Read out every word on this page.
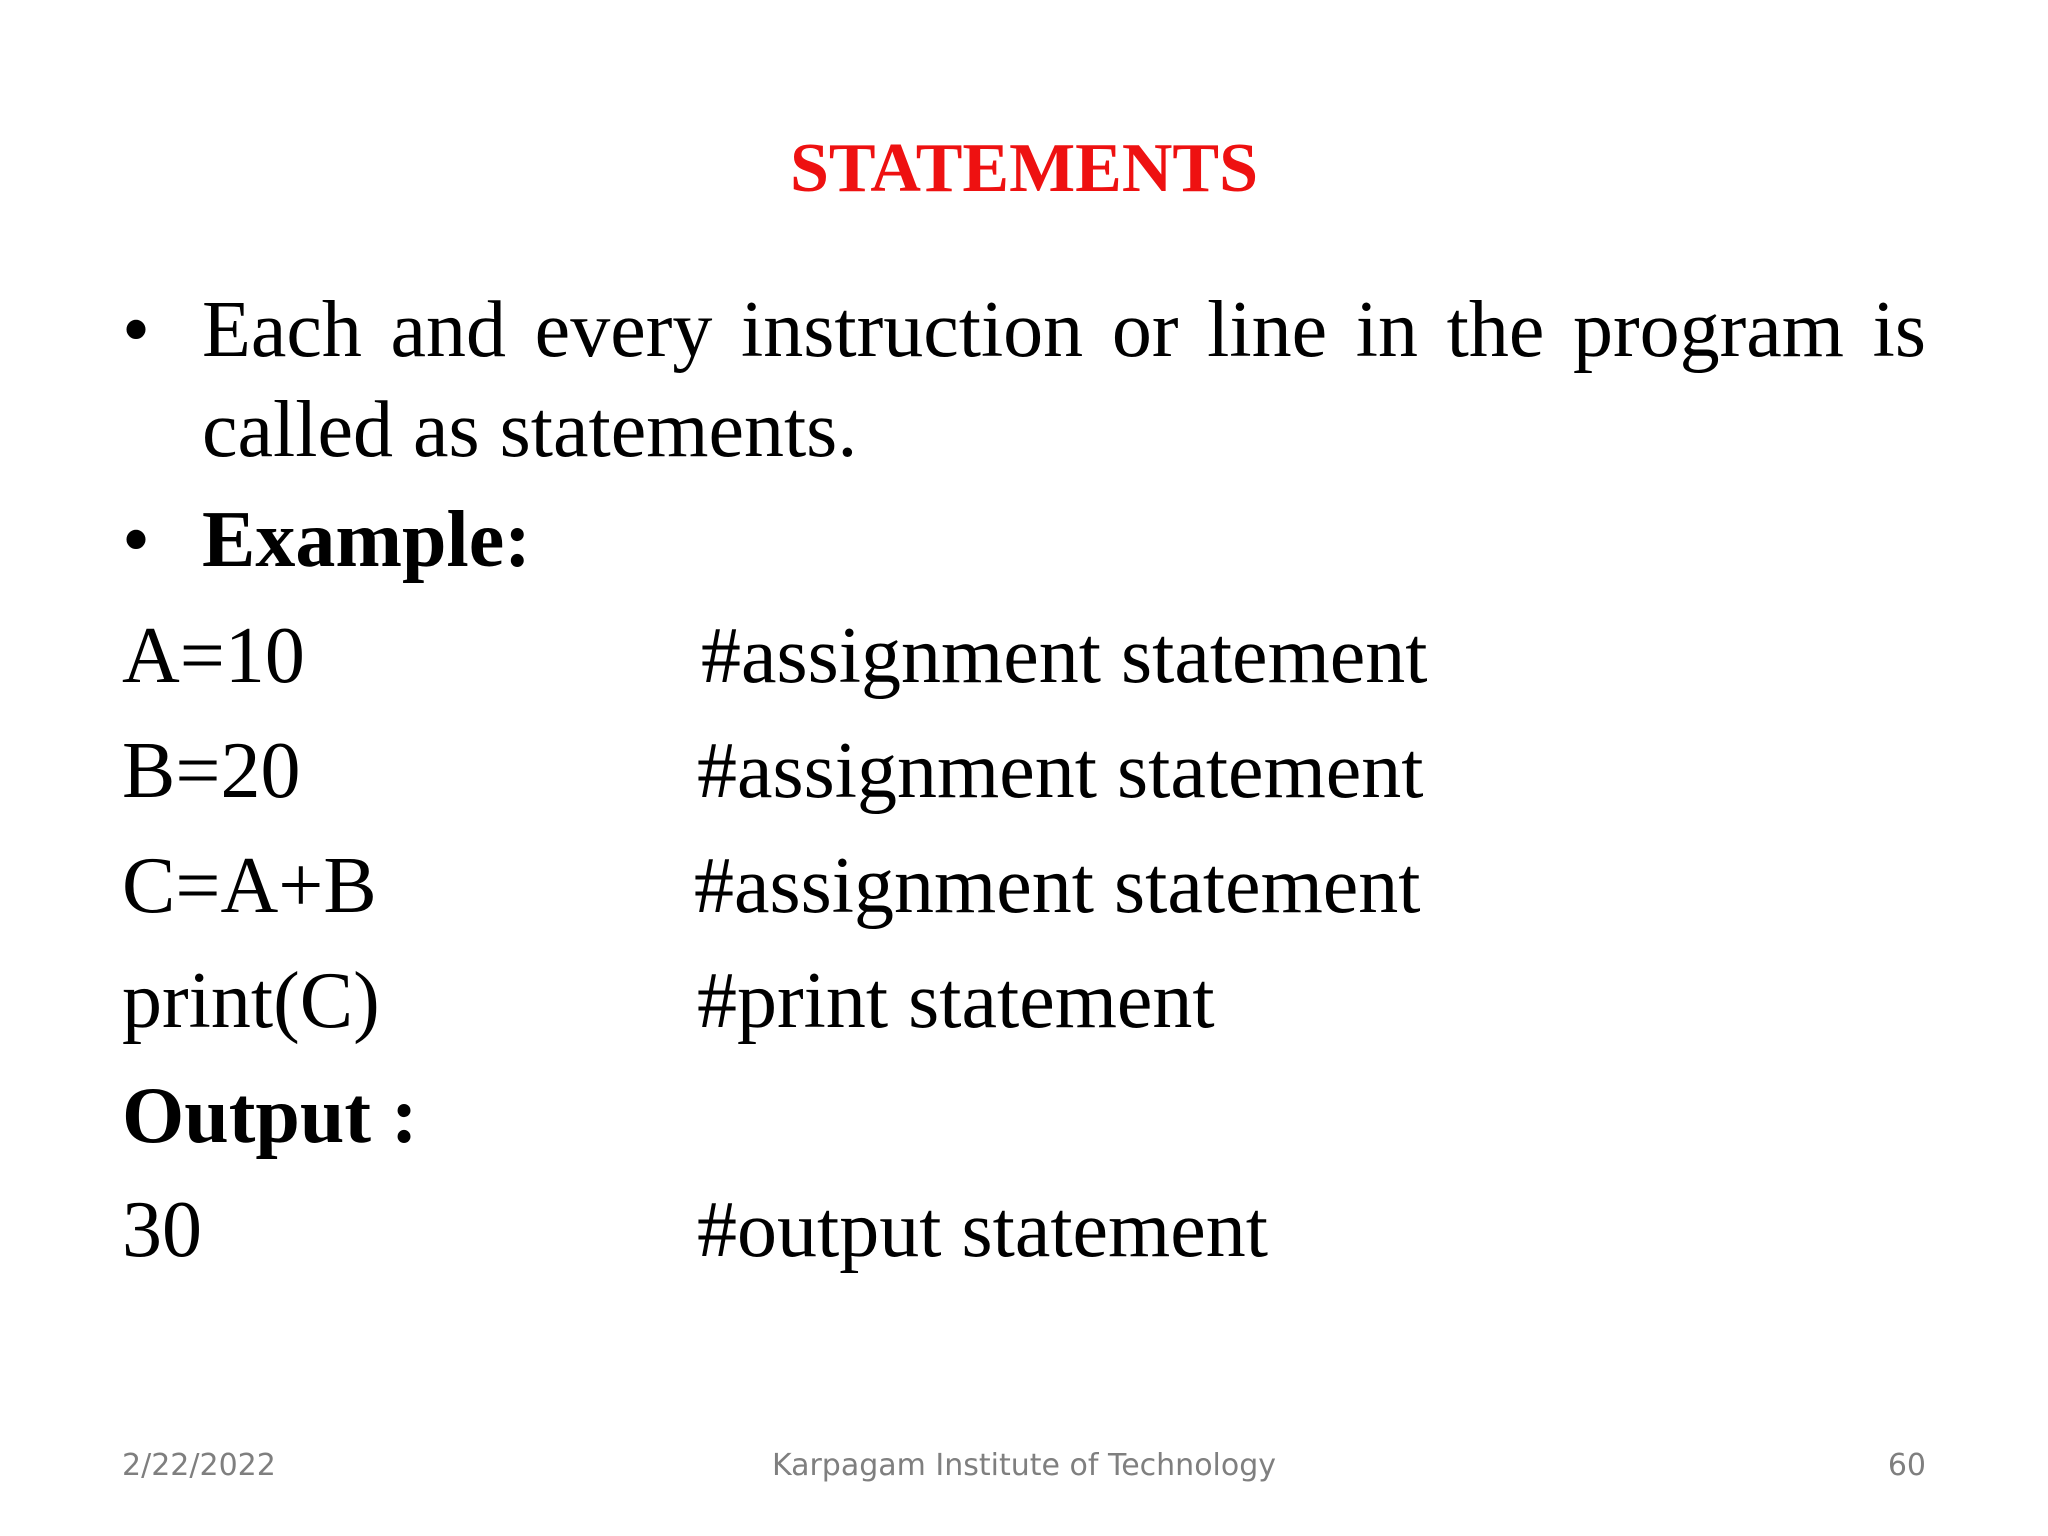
STATEMENTS
• Each and every instruction or line in the program is called as statements.
• Example:
A=10	#assignment statement
B=20	#assignment statement
C=A+B	#assignment statement
print(C)	#print statement
Output :
30	#output statement
2/22/2022	Karpagam Institute of Technology	60
